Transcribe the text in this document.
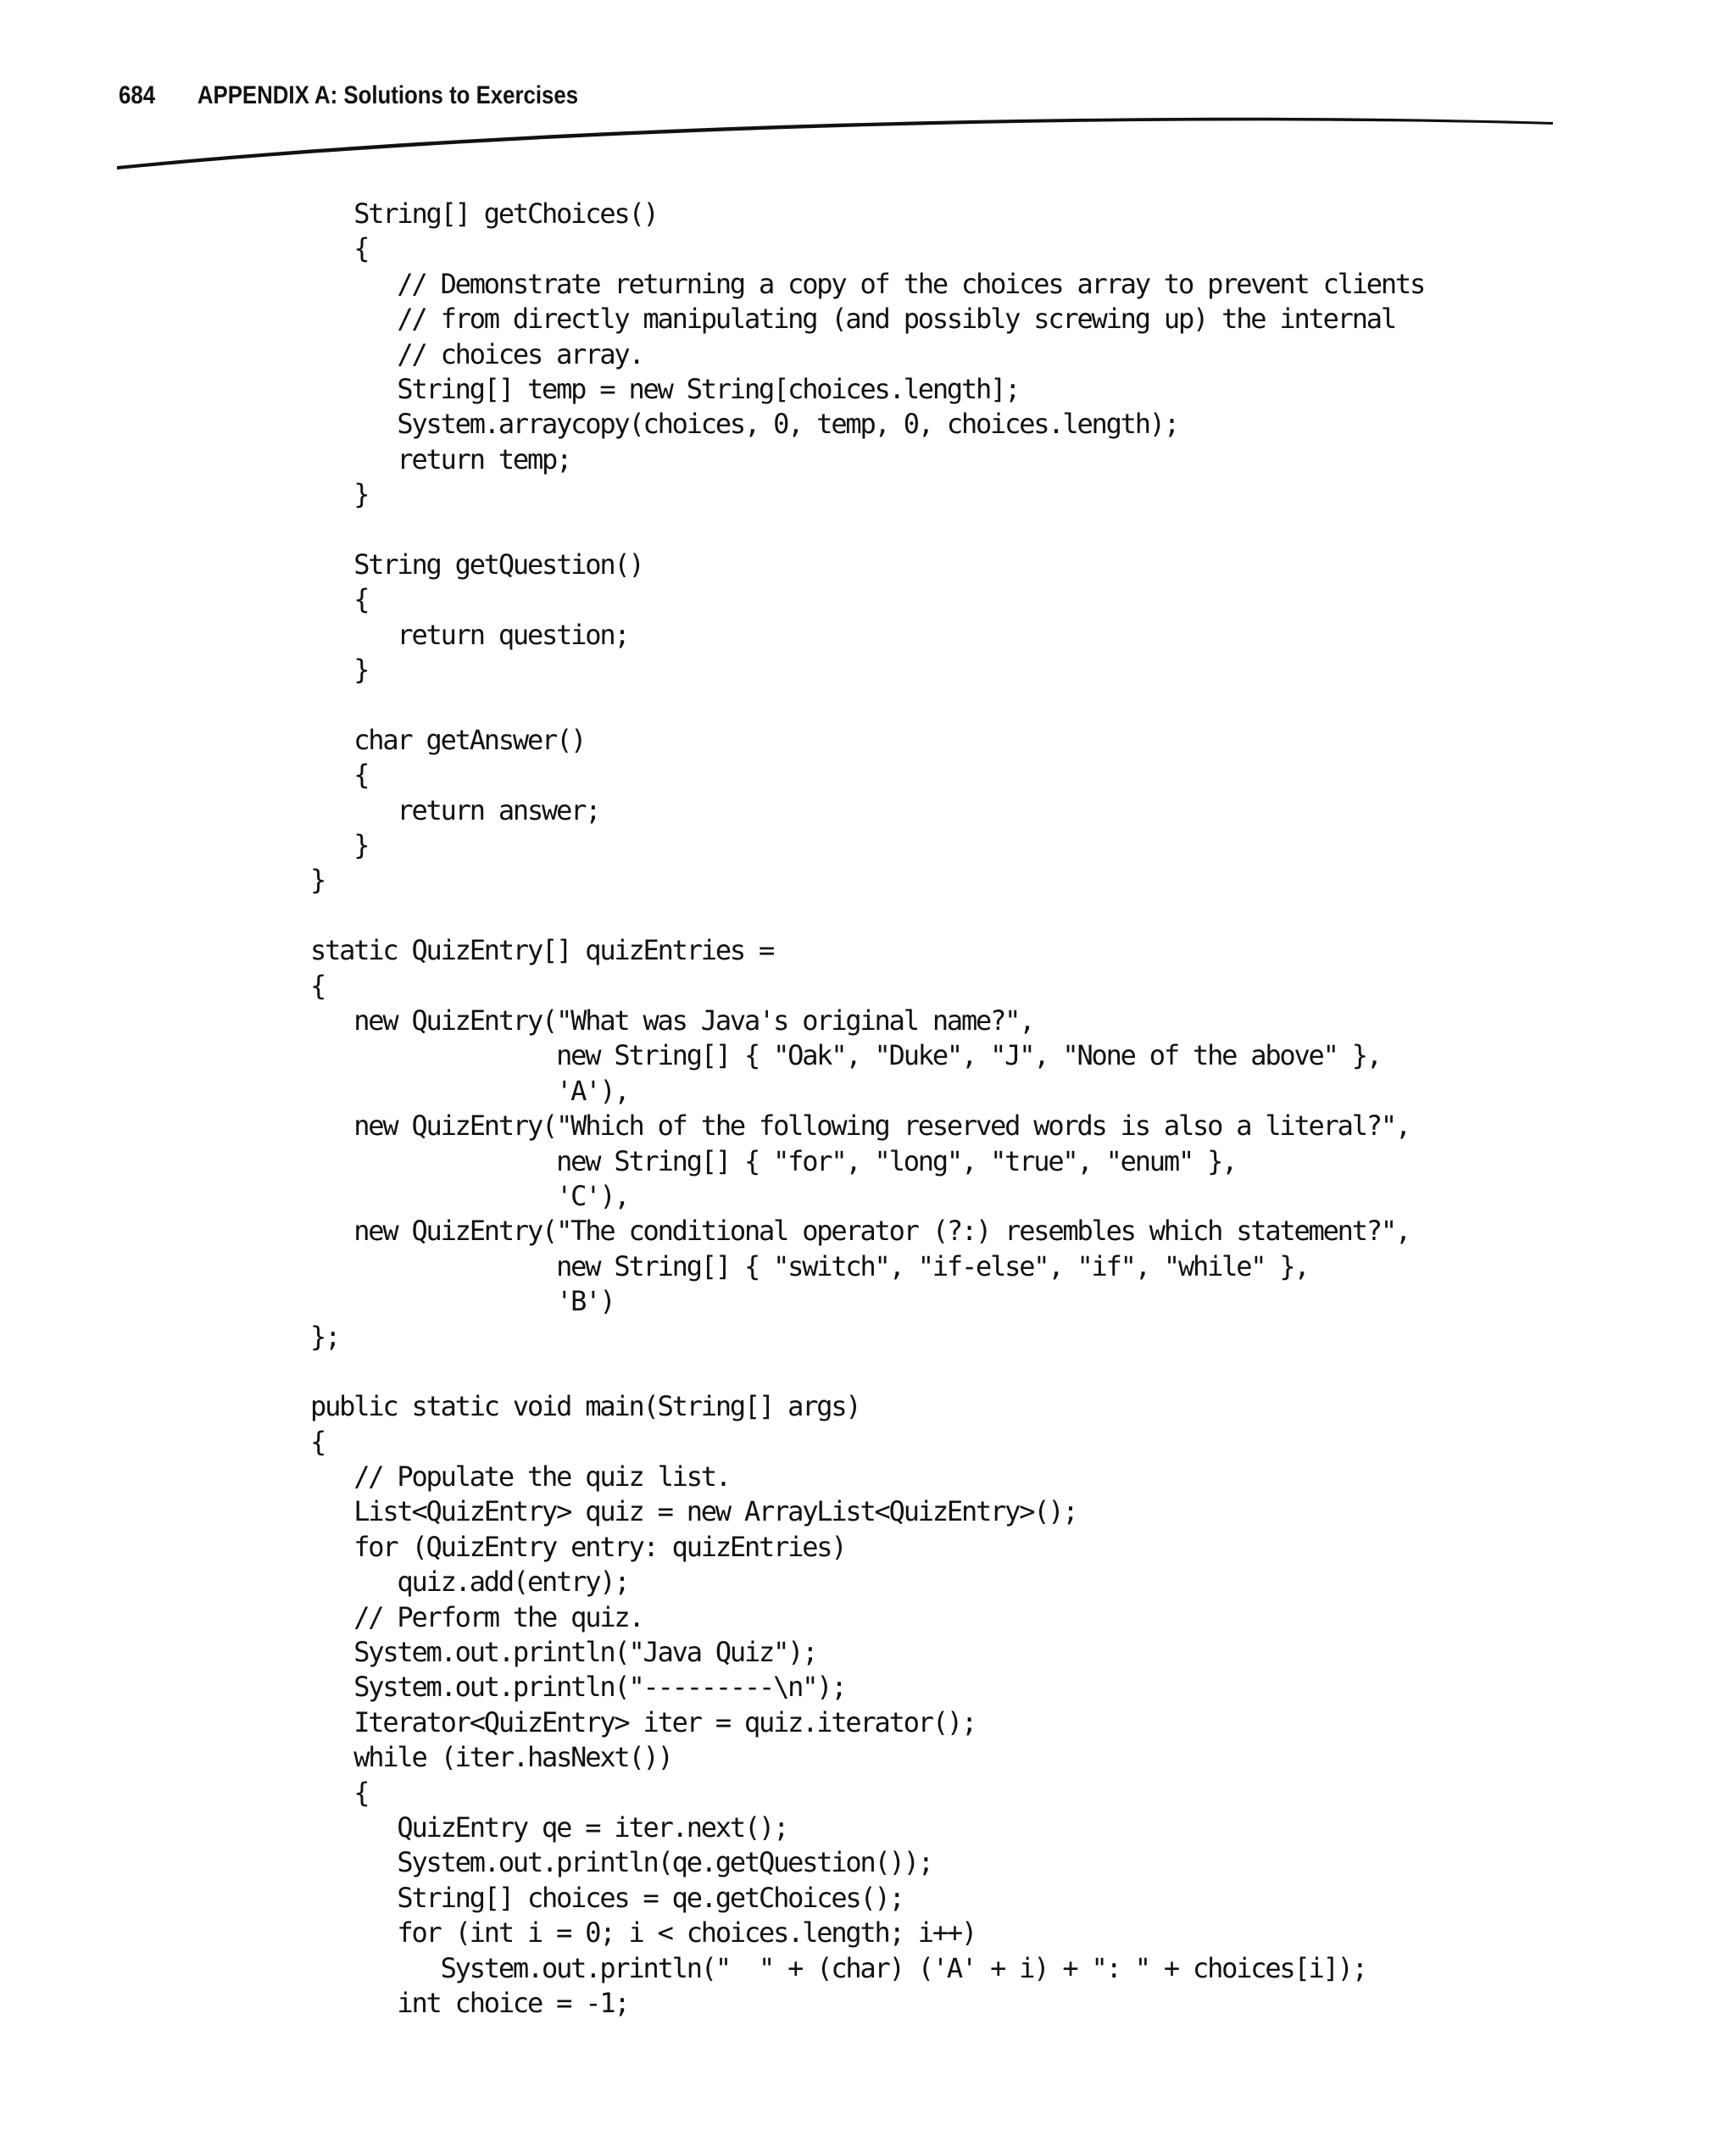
684 APPENDIX A: Solutions to Exercises
String[] getChoices()
{
// Demonstrate returning a copy of the choices array to prevent clients
// from directly manipulating (and possibly screwing up) the internal
// choices array.
String[] temp = new String[choices.length];
System.arraycopy(choices, 0, temp, 0, choices.length);
return temp;
}

String getQuestion()
{
return question;
}

char getAnswer()
{
return answer;
}
}

static QuizEntry[] quizEntries =
{
new QuizEntry("What was Java's original name?",
new String[] { "Oak", "Duke", "J", "None of the above" },
'A'),
new QuizEntry("Which of the following reserved words is also a literal?",
new String[] { "for", "long", "true", "enum" },
'C'),
new QuizEntry("The conditional operator (?:) resembles which statement?",
new String[] { "switch", "if-else", "if", "while" },
'B')
};

public static void main(String[] args)
{
// Populate the quiz list.
List<QuizEntry> quiz = new ArrayList<QuizEntry>();
for (QuizEntry entry: quizEntries)
quiz.add(entry);
// Perform the quiz.
System.out.println("Java Quiz");
System.out.println("---------\n");
Iterator<QuizEntry> iter = quiz.iterator();
while (iter.hasNext())
{
QuizEntry qe = iter.next();
System.out.println(qe.getQuestion());
String[] choices = qe.getChoices();
for (int i = 0; i < choices.length; i++)
System.out.println("  " + (char) ('A' + i) + ": " + choices[i]);
int choice = -1;
